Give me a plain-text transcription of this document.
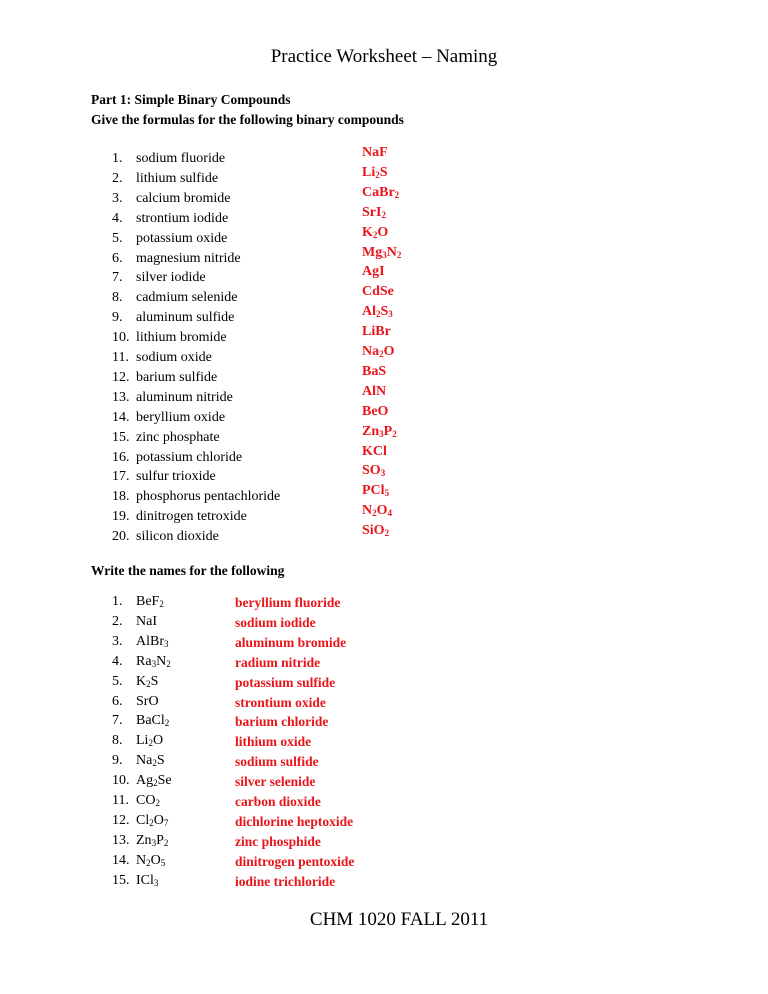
Practice Worksheet – Naming
Part 1: Simple Binary Compounds
Give the formulas for the following binary compounds
1. sodium fluoride	NaF
2. lithium sulfide	$Li_2S$
3. calcium bromide	CaBr$_2$
4. strontium iodide	SrI$_2$
5. potassium oxide	$K_2O$
6. magnesium nitride	$Mg_3N_2$
7. silver iodide	AgI
8. cadmium selenide	CdSe
9. aluminum sulfide	$Al_2S_3$
10. lithium bromide	LiBr
11. sodium oxide	$Na_2O$
12. barium sulfide	BaS
13. aluminum nitride	AlN
14. beryllium oxide	BeO
15. zinc phosphate	$Zn_3P_2$
16. potassium chloride	KCl
17. sulfur trioxide	$SO_3$
18. phosphorus pentachloride	PCl$_5$
19. dinitrogen tetroxide	$N_2O_4$
20. silicon dioxide	SiO$_2$
Write the names for the following
1. BeF$_2$	beryllium fluoride
2. NaI	sodium iodide
3. AlBr$_3$	aluminum bromide
4. $Ra_3N_2$	radium nitride
5. $K_2S$	potassium sulfide
6. SrO	strontium oxide
7. BaCl$_2$	barium chloride
8. $Li_2O$	lithium oxide
9. $Na_2S$	sodium sulfide
10. $Ag_2Se$	silver selenide
11. $CO_2$	carbon dioxide
12. $Cl_2O_7$	dichlorine heptoxide
13. $Zn_3P_2$	zinc phosphide
14. $N_2O_5$	dinitrogen pentoxide
15. ICl$_3$	iodine trichloride
CHM 1020 FALL 2011
